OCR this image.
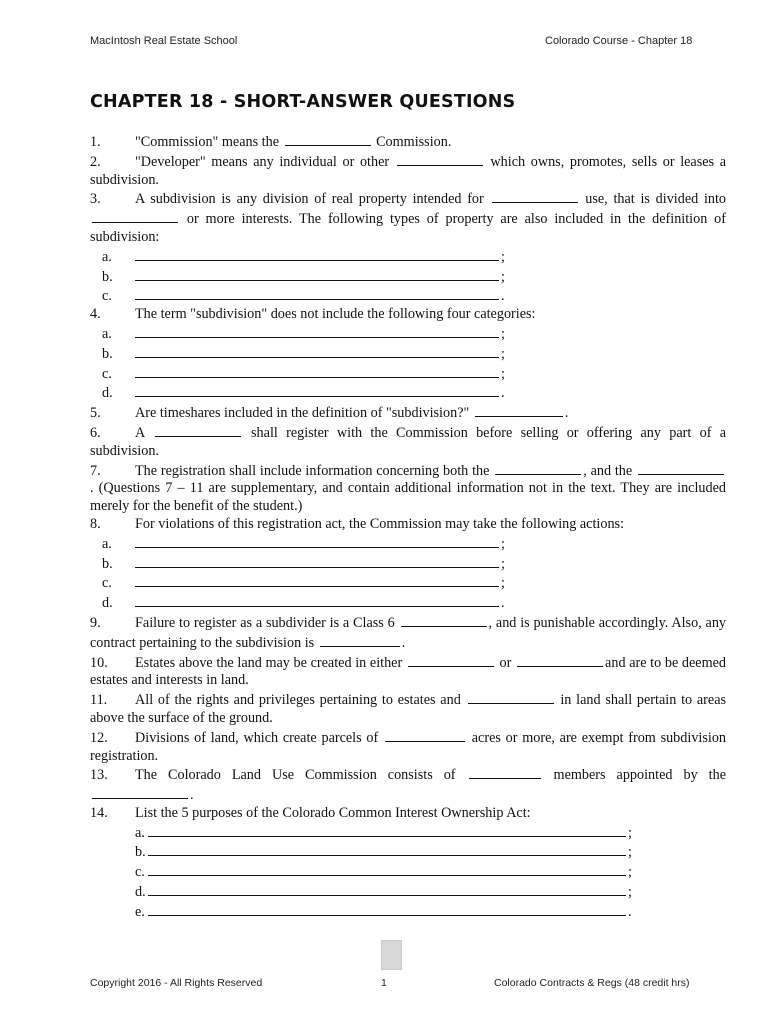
MacIntosh Real Estate School	Colorado Course - Chapter 18
CHAPTER 18 - SHORT-ANSWER QUESTIONS

1. "Commission" means the	Commission.

2. "Developer" means any individual or other	which owns, promotes, sells or leases a subdivision.

3. A subdivision is any division of real property intended for	use, that is divided into  or more interests. The following types of property are also included in the definition of subdivision:

a.	;

b.	;

c.	.

4. The term "subdivision" does not include the following four categories:

a.	;

b.	;

c.	;

d.	.

5. Are timeshares included in the definition of "subdivision?"	.

6. A	shall register with the Commission before selling or offering any part of a subdivision.

7. The registration shall include information concerning both the	, and the . (Questions 7 – 11 are supplementary, and contain additional information not in the text. They are included merely for the benefit of the student.)

8. For violations of this registration act, the Commission may take the following actions:

a.	;

b.	;

c.	;

d.	.

9. Failure to register as a subdivider is a Class 6	, and is punishable accordingly. Also, any contract pertaining to the subdivision is	.

10. Estates above the land may be created in either	or	and are to be deemed estates and interests in land.

11. All of the rights and privileges pertaining to estates and	in land shall pertain to areas above the surface of the ground.

12. Divisions of land, which create parcels of	acres or more, are exempt from subdivision registration.

13. The Colorado Land Use Commission consists of	members appointed by the .

14. List the 5 purposes of the Colorado Common Interest Ownership Act:

a.	;

b.	;

c.	;

d.	;

e.	.

Copyright 2016 - All Rights Reserved	1	Colorado Contracts & Regs (48 credit hrs)
